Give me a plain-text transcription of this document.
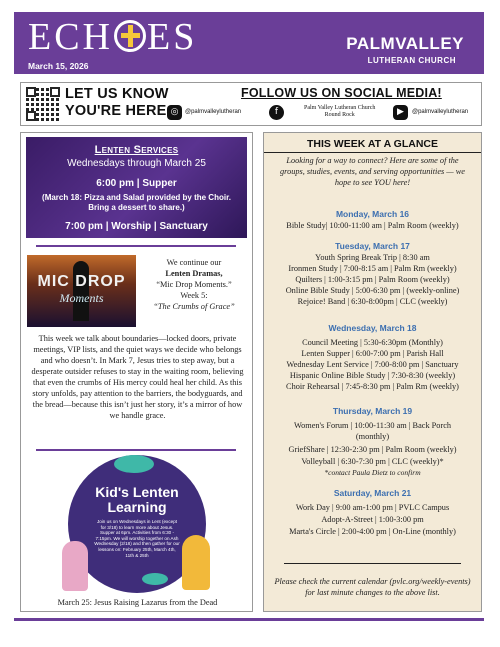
ECH ES
March 15, 2026
PALMVALLEY
LUTHERAN CHURCH
LET US KNOW
YOU'RE HERE
FOLLOW US ON SOCIAL MEDIA!
◎	@palmvalleylutheran	f	Palm Valley Lutheran Church
Round Rock	▶	@palmvalleylutheran
Lenten Services
Wednesdays through March 25
6:00 pm | Supper
(March 18: Pizza and Salad provided by the Choir. Bring a dessert to share.)
7:00 pm | Worship | Sanctuary
MIC DROP
Moments
We continue our
Lenten Dramas,
“Mic Drop Moments.”
Week 5:
“The Crumbs of Grace”
This week we talk about boundaries—locked doors, private meetings, VIP lists, and the quiet ways we decide who belongs and who doesn’t. In Mark 7, Jesus tries to step away, but a desperate outsider refuses to stay in the waiting room, believing that even the crumbs of His mercy could heal her child. As this story unfolds, pay attention to the barriers, the bodyguards, and the bread—because this isn’t just her story, it’s a mirror of how we handle grace.
Kid's Lenten
Learning
Join us on Wednesdays in Lent (except for 3/18) to learn more about Jesus. Supper at 6pm. Activities from 6:30 - 7:15pm. We will worship together on Ash Wednesday (2/18) and then gather for our lessons on: February 25th, March 4th, 11th & 25th
March 25: Jesus Raising Lazarus from the Dead
THIS WEEK AT A GLANCE
Looking for a way to connect? Here are some of the groups, studies, events, and serving opportunities — we hope to see YOU here!
Monday, March 16
Bible Study| 10:00-11:00 am | Palm Room (weekly)
Tuesday, March 17
Youth Spring Break Trip | 8:30 am
Ironmen Study | 7:00-8:15 am | Palm Rm (weekly)
Quilters | 1:00-3:15 pm | Palm Room (weekly)
Online Bible Study | 5:00-6:30 pm | (weekly-online)
Rejoice! Band | 6:30-8:00pm | CLC (weekly)
Wednesday, March 18
Council Meeting | 5:30-6:30pm (Monthly)
Lenten Supper | 6:00-7:00 pm | Parish Hall
Wednesday Lent Service | 7:00-8:00 pm | Sanctuary
Hispanic Online Bible Study | 7:30-8:30 (weekly)
Choir Rehearsal | 7:45-8:30 pm | Palm Rm (weekly)
Thursday, March 19
Women's Forum | 10:00-11:30 am | Back Porch
(monthly)
GriefShare | 12:30-2:30 pm | Palm Room (weekly)
Volleyball | 6:30-7:30 pm | CLC (weekly)*
*contact Paula Dietz to confirm
Saturday, March 21
Work Day | 9:00 am-1:00 pm | PVLC Campus
Adopt-A-Street | 1:00-3:00 pm
Marta's Circle | 2:00-4:00 pm | On-Line (monthly)
Please check the current calendar (pvlc.org/weekly-events) for last minute changes to the above list.
